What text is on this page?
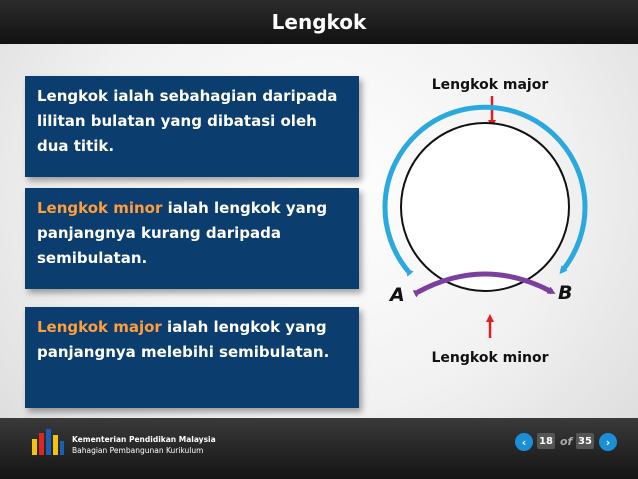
Lengkok
Lengkok ialah sebahagian daripada lilitan bulatan yang dibatasi oleh dua titik.
Lengkok minor ialah lengkok yang panjangnya kurang daripada semibulatan.
Lengkok major ialah lengkok yang panjangnya melebihi semibulatan.
Lengkok major
A	B
Lengkok minor
Kementerian Pendidikan Malaysia
Bahagian Pembangunan Kurikulum
‹ 18 of 35 ›
